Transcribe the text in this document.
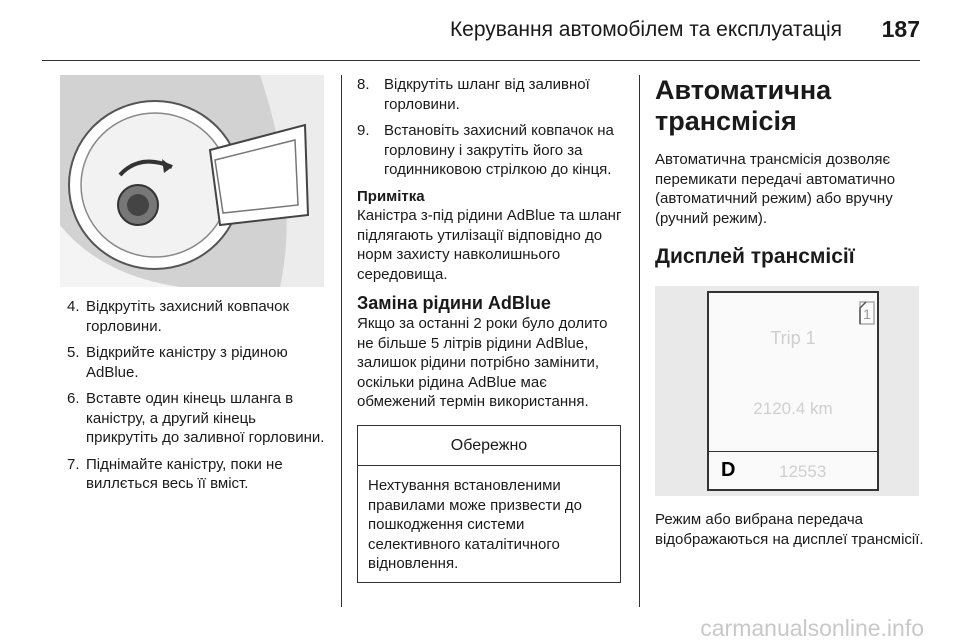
Керування автомобілем та експлуатація 187
4. Відкрутіть захисний ковпачок горловини.
5. Відкрийте каністру з рідиною AdBlue.
6. Вставте один кінець шланга в каністру, а другий кінець прикрутіть до заливної горловини.
7. Піднімайте каністру, поки не виллється весь її вміст.
8. Відкрутіть шланг від заливної горловини.
9. Встановіть захисний ковпачок на горловину і закрутіть його за годинниковою стрілкою до кінця.
Примітка

Каністра з-під рідини AdBlue та шланг підлягають утилізації відповідно до норм захисту навколишнього середовища.

Заміна рідини AdBlue

Якщо за останні 2 роки було долито не більше 5 літрів рідини AdBlue, залишок рідини потрібно замінити, оскільки рідина AdBlue має обмежений термін використання.

Обережно
Нехтування встановленими правилами може призвести до пошкодження системи селективного каталітичного відновлення.
Автоматична трансмісія

Автоматична трансмісія дозволяє перемикати передачі автоматично (автоматичний режим) або вручну (ручний режим).

Дисплей трансмісії
1
Trip 1
2120.4 km
D	12553

Режим або вибрана передача відображаються на дисплеї трансмісії.

carmanualsonline.info
